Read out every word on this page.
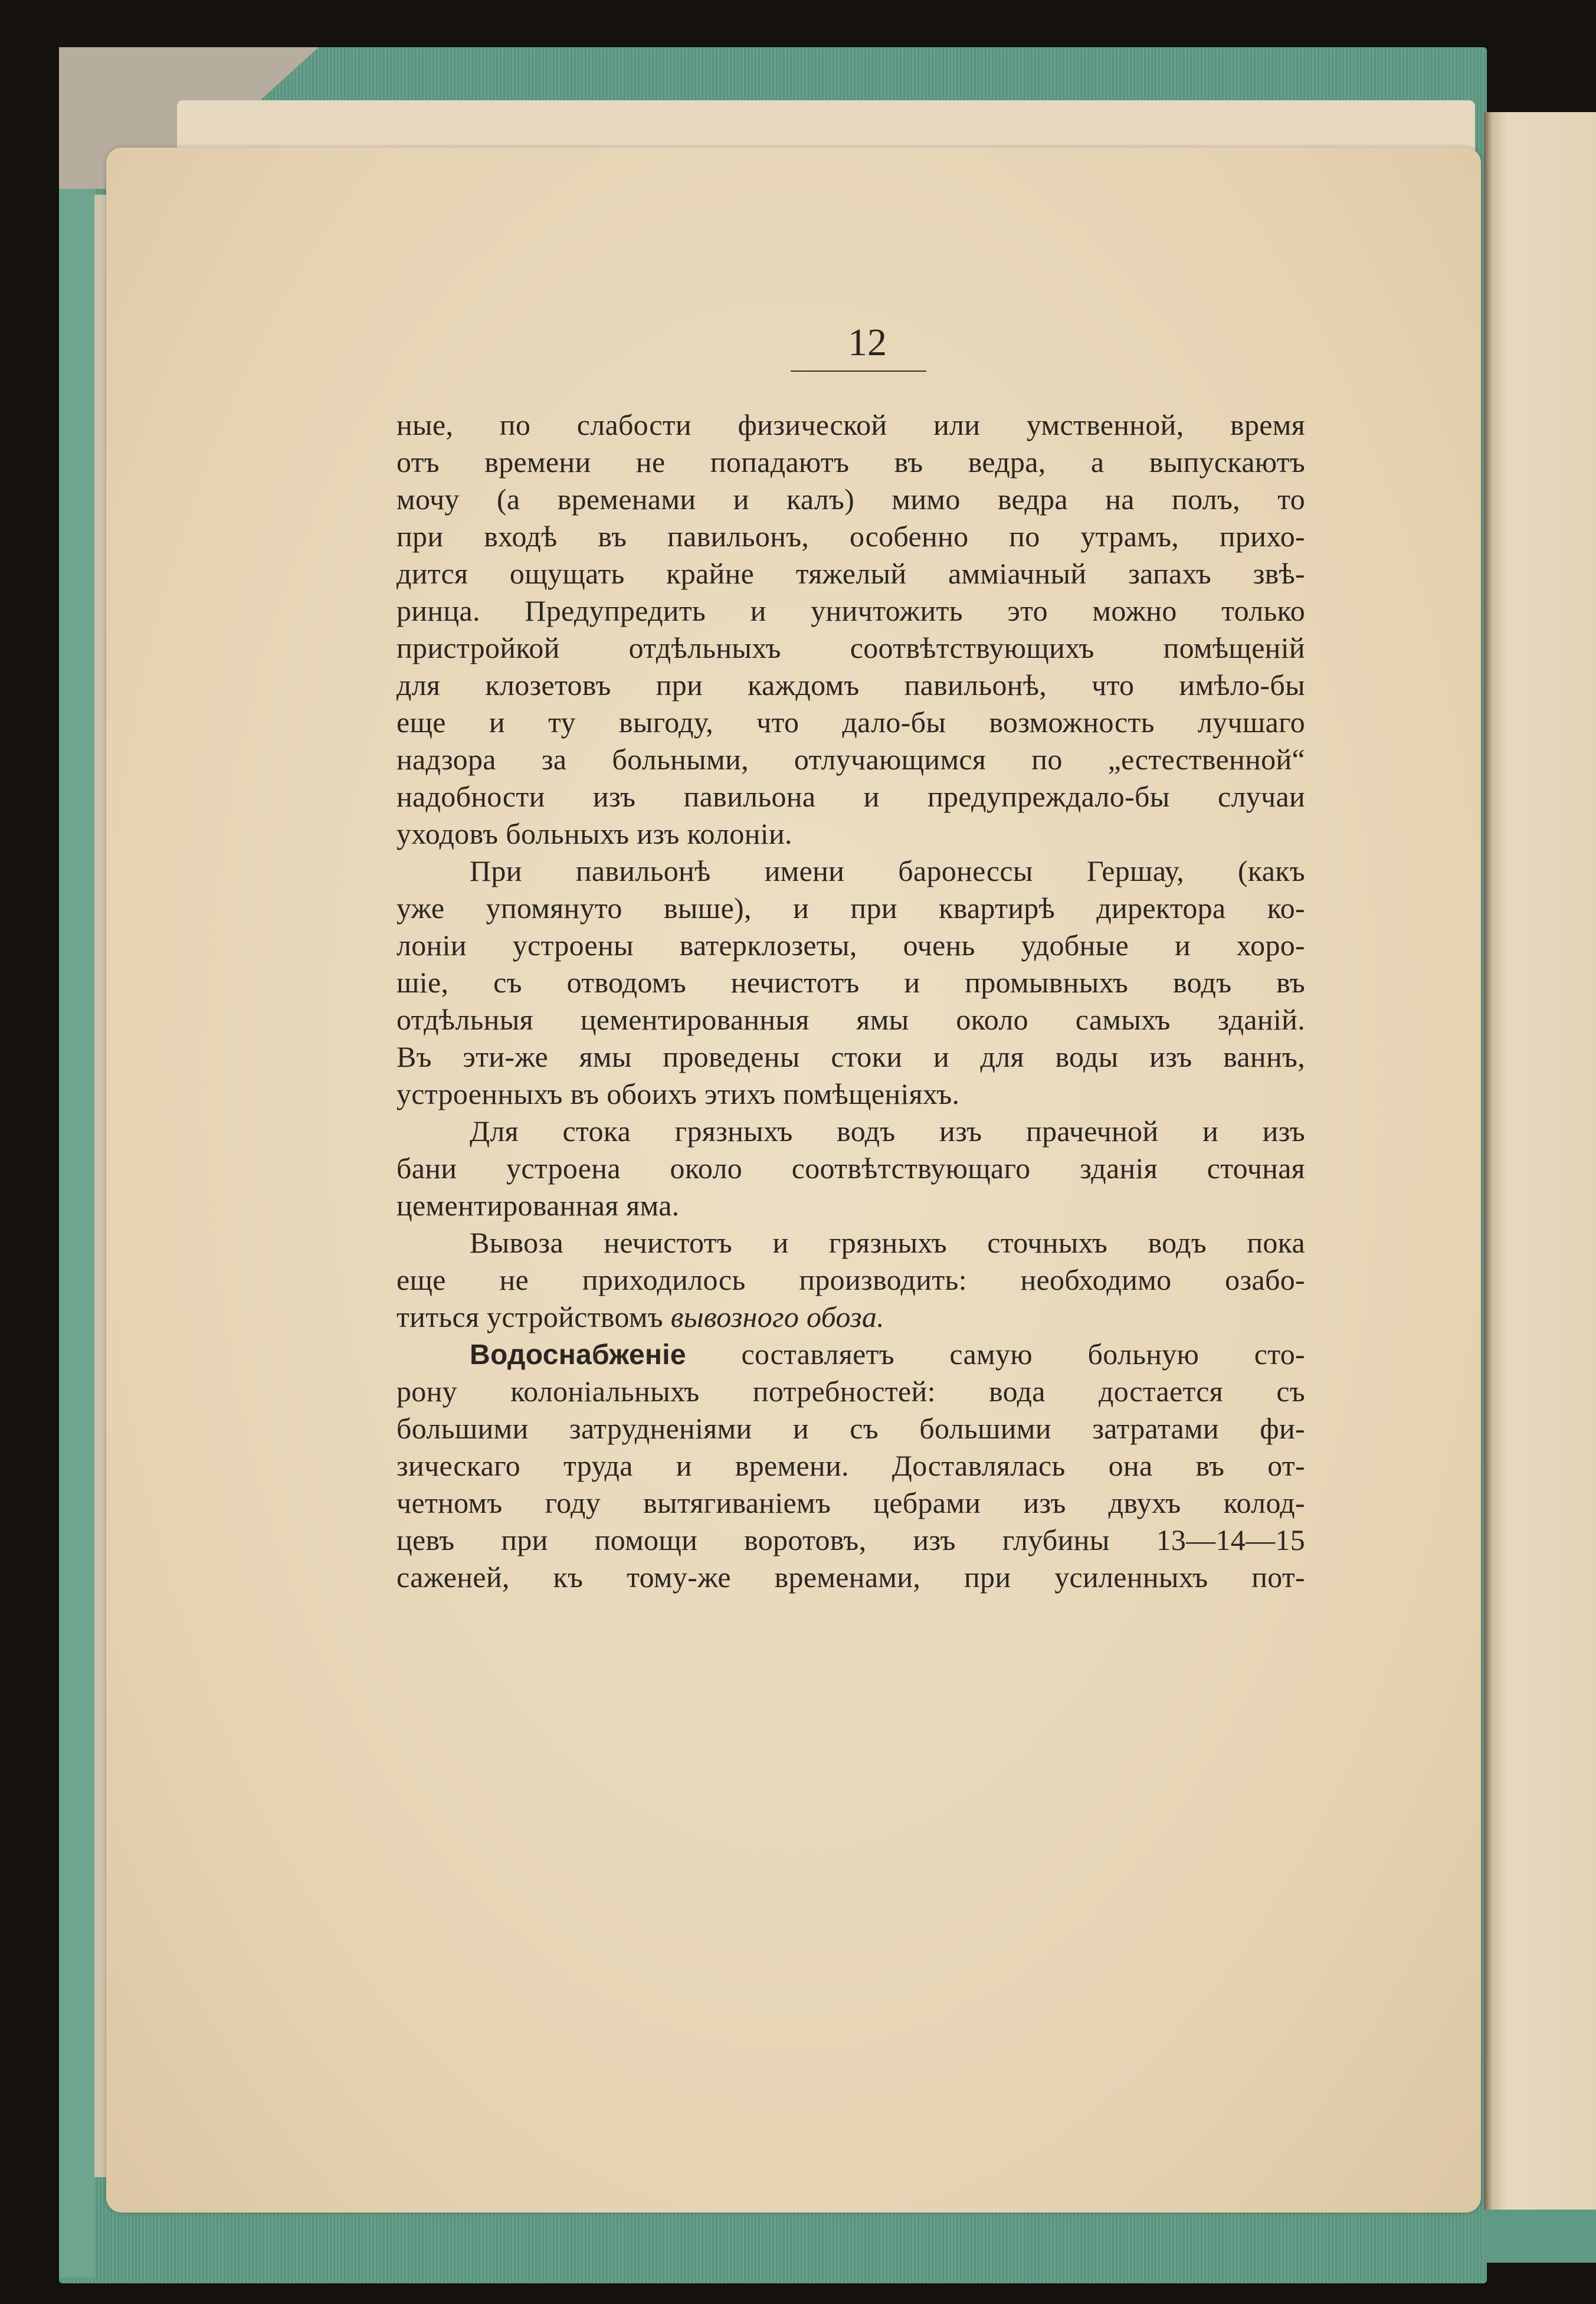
12

ные, по слабости физической или умственной, время

отъ времени не попадаютъ въ ведра, а выпускаютъ

мочу (а временами и калъ) мимо ведра на полъ, то

при входѣ въ павильонъ, особенно по утрамъ, прихо-

дится ощущать крайне тяжелый амміачный запахъ звѣ-

ринца. Предупредить и уничтожить это можно только

пристройкой отдѣльныхъ соотвѣтствующихъ помѣщеній

для клозетовъ при каждомъ павильонѣ, что имѣло-бы

еще и ту выгоду, что дало-бы возможность лучшаго

надзора за больными, отлучающимся по „естественной“

надобности изъ павильона и предупреждало-бы случаи

уходовъ больныхъ изъ колоніи.

При павильонѣ имени баронессы Гершау, (какъ

уже упомянуто выше), и при квартирѣ директора ко-

лоніи устроены ватерклозеты, очень удобные и хоро-

шіе, съ отводомъ нечистотъ и промывныхъ водъ въ

отдѣльныя цементированныя ямы около самыхъ зданій.

Въ эти-же ямы проведены стоки и для воды изъ ваннъ,

устроенныхъ въ обоихъ этихъ помѣщеніяхъ.

Для стока грязныхъ водъ изъ прачечной и изъ

бани устроена около соотвѣтствующаго зданія сточная

цементированная яма.

Вывоза нечистотъ и грязныхъ сточныхъ водъ пока

еще не приходилось производить: необходимо озабо-

титься устройствомъ вывозного обоза.

Водоснабженіе составляетъ самую больную сто-

рону колоніальныхъ потребностей: вода достается съ

большими затрудненіями и съ большими затратами фи-

зическаго труда и времени. Доставлялась она въ от-

четномъ году вытягиваніемъ цебрами изъ двухъ колод-

цевъ при помощи воротовъ, изъ глубины 13—14—15

саженей, къ тому-же временами, при усиленныхъ пот-
